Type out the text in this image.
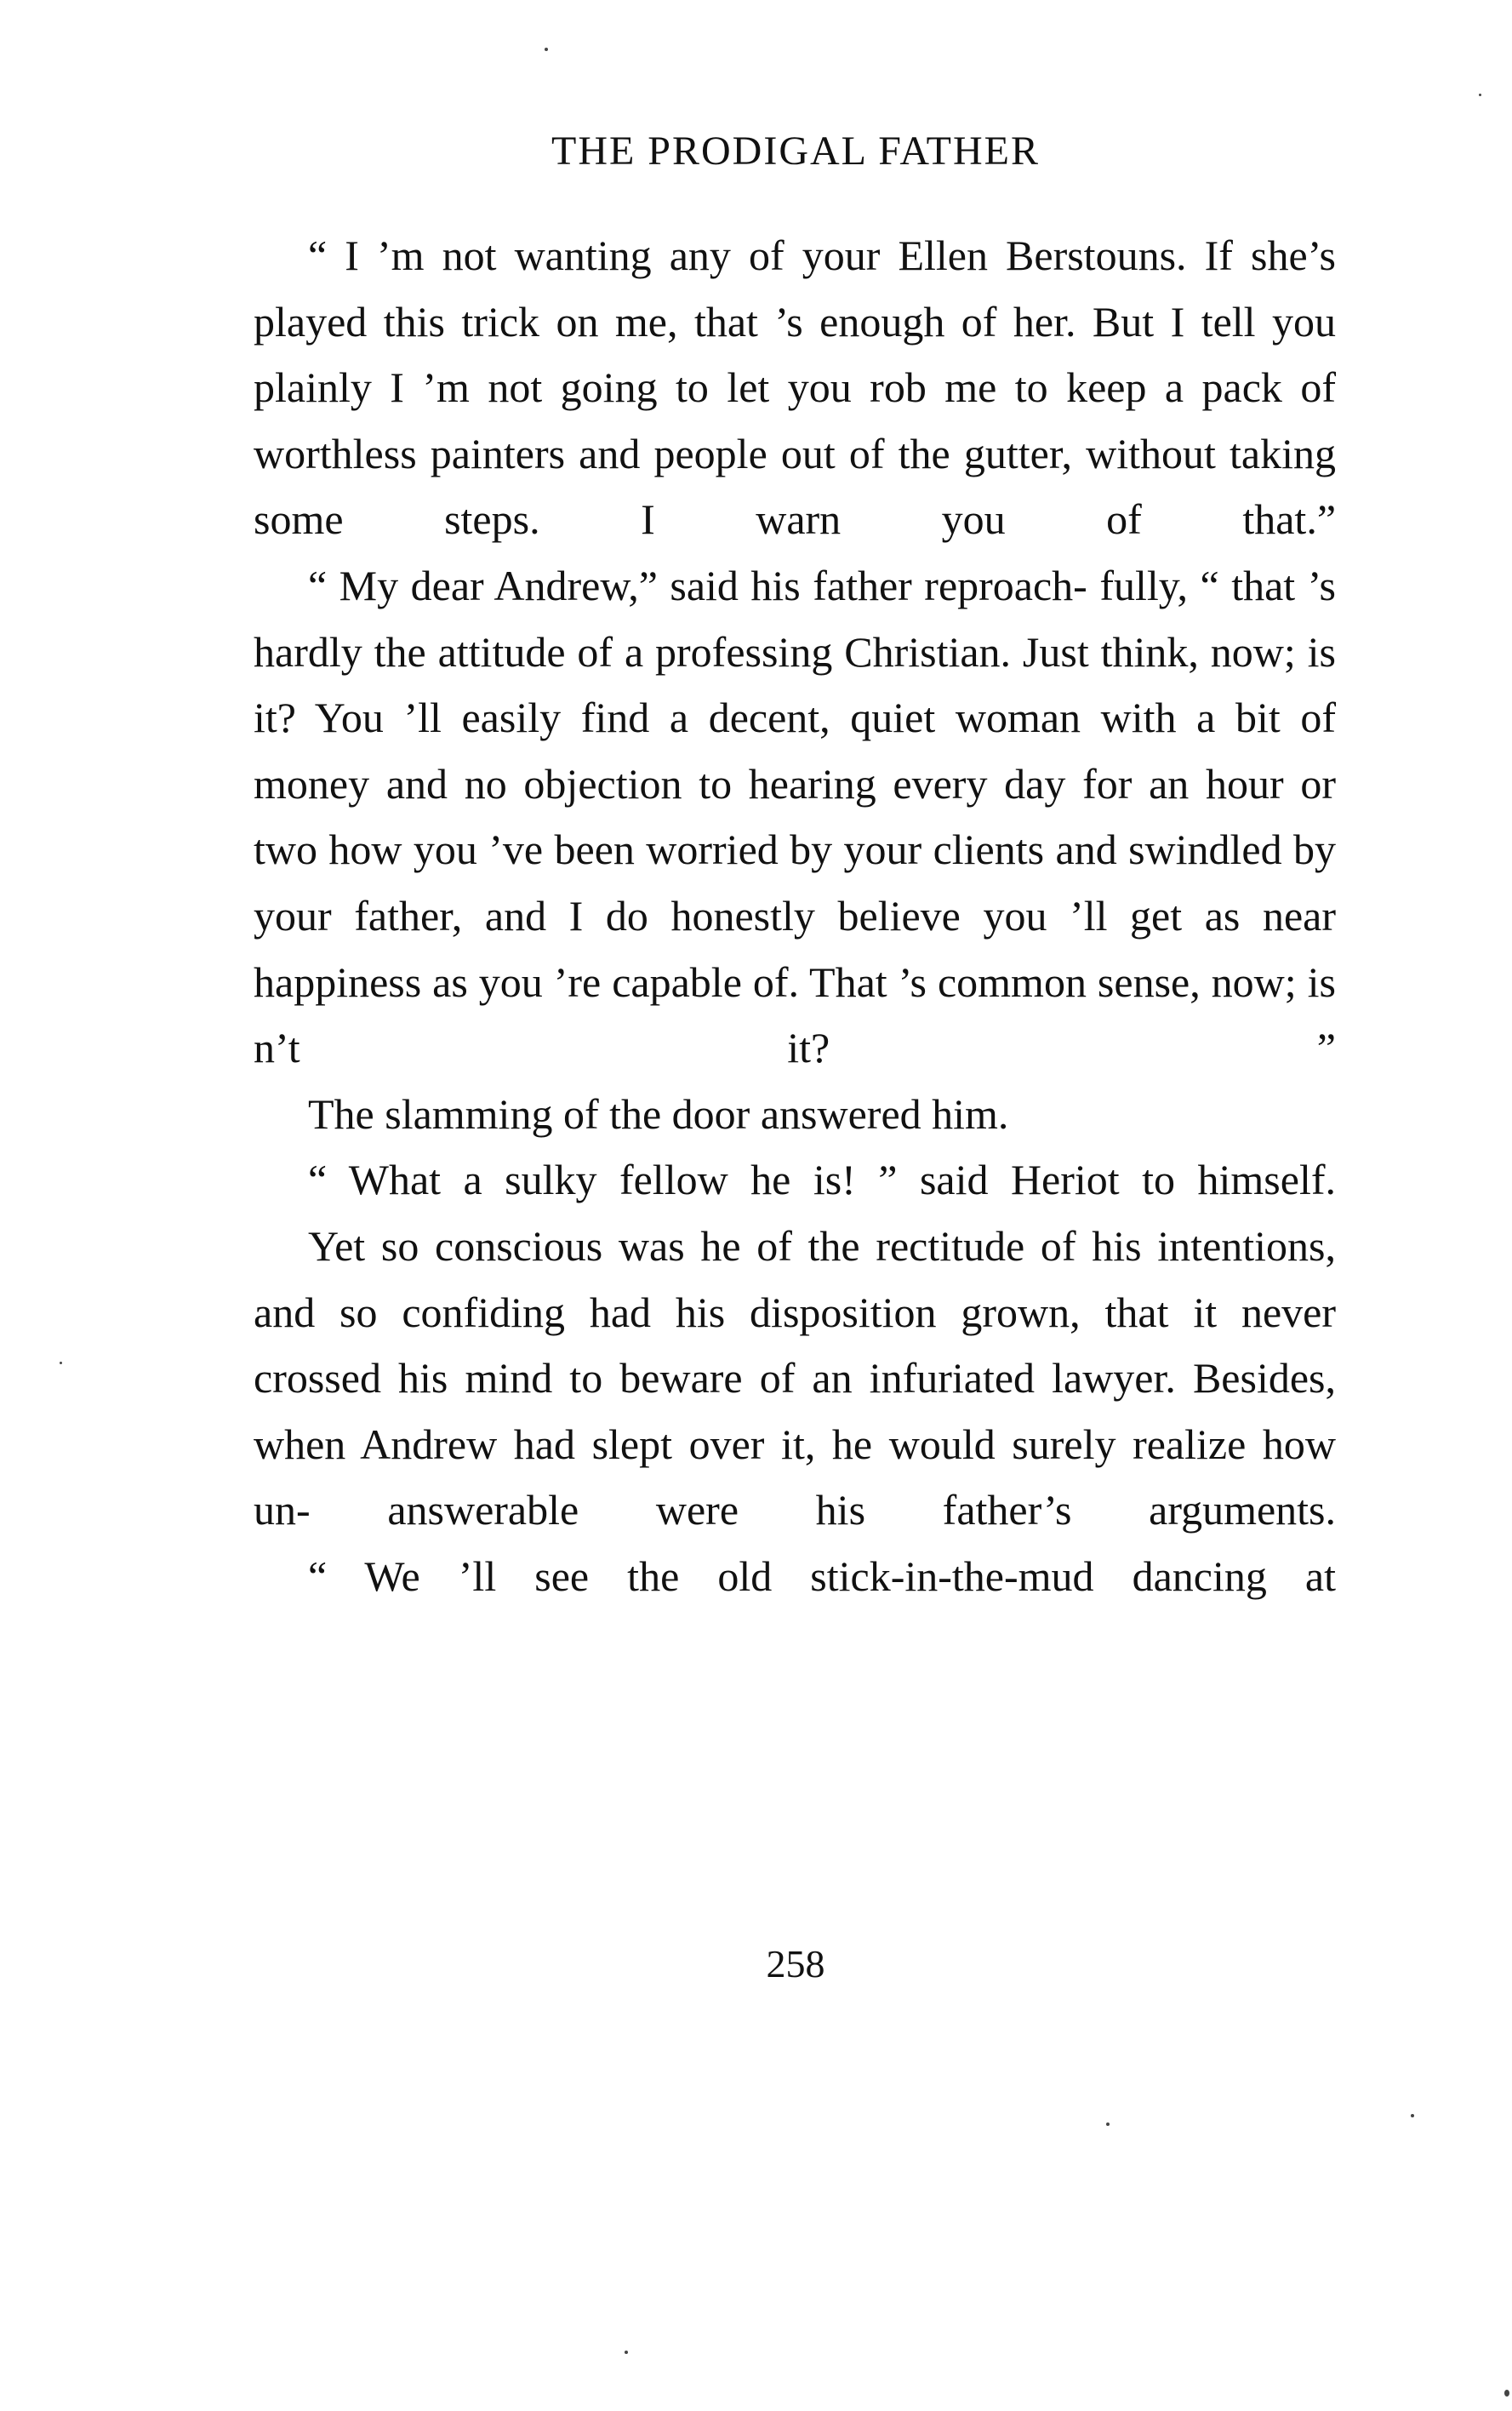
THE PRODIGAL FATHER

“ I ’m not wanting any of your Ellen Berstouns. If she’s played this trick on me, that ’s enough of her. But I tell you plainly I ’m not going to let you rob me to keep a pack of worthless painters and people out of the gutter, without taking some steps. I warn you of that.”

“ My dear Andrew,” said his father reproach- fully, “ that ’s hardly the attitude of a professing Christian. Just think, now; is it? You ’ll easily find a decent, quiet woman with a bit of money and no objection to hearing every day for an hour or two how you ’ve been worried by your clients and swindled by your father, and I do honestly believe you ’ll get as near happiness as you ’re capable of. That ’s common sense, now; is n’t	it? ”

The slamming of the door answered him.

“ What a sulky fellow he is! ” said Heriot to himself.

Yet so conscious was he of the rectitude of his intentions, and so confiding had his disposition grown, that it never crossed his mind to beware of an infuriated lawyer. Besides, when Andrew had slept over it, he would surely realize how un- answerable were his father’s arguments.

“ We ’ll see the old stick-in-the-mud dancing at

258
